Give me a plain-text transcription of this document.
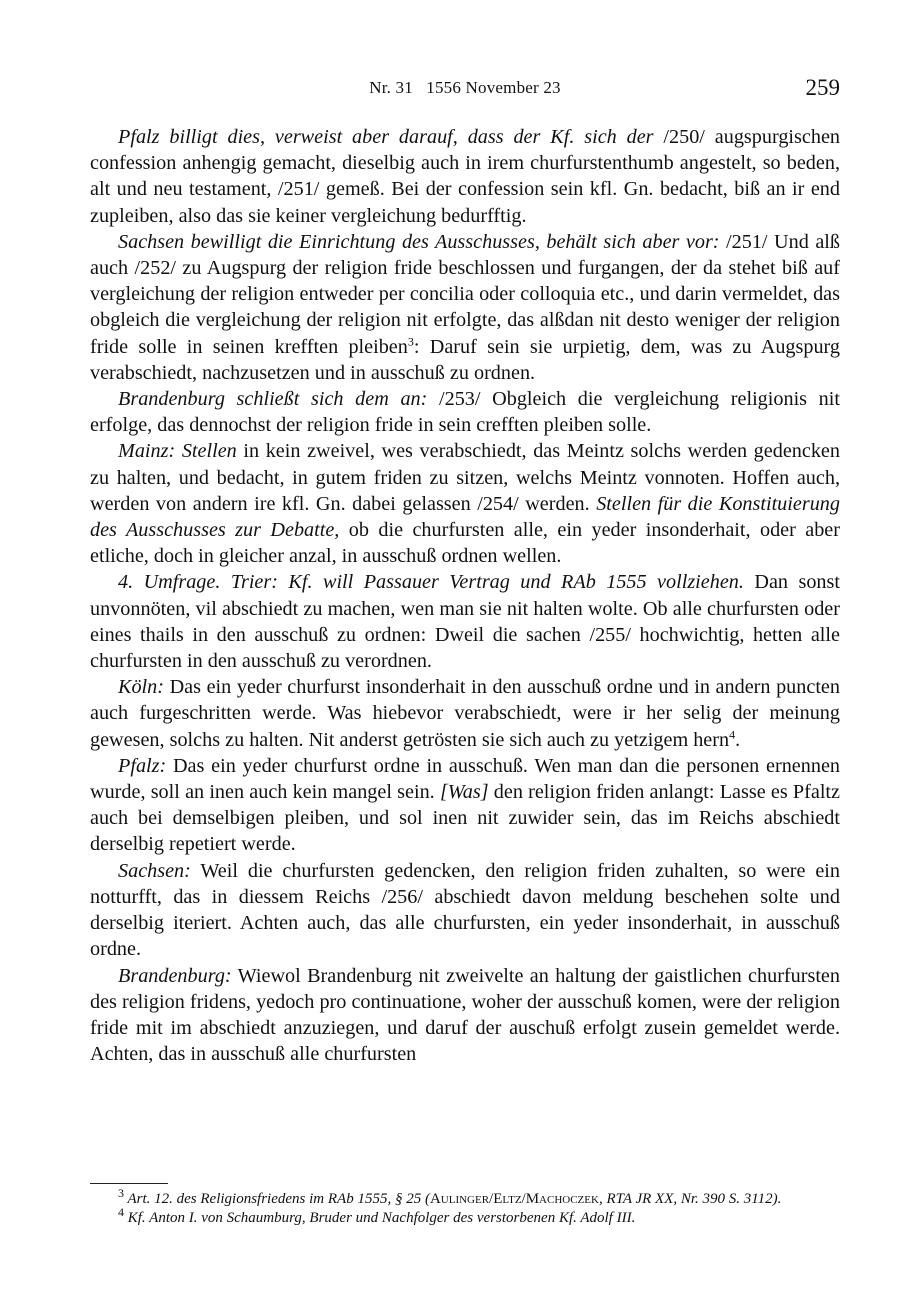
Nr. 31   1556 November 23	259

Pfalz billigt dies, verweist aber darauf, dass der Kf. sich der /250/ augspurgischen confession anhengig gemacht, dieselbig auch in irem churfurstenthumb angestelt, so beden, alt und neu testament, /251/ gemeß. Bei der confession sein kfl. Gn. bedacht, biß an ir end zupleiben, also das sie keiner vergleichung bedurfftig.

Sachsen bewilligt die Einrichtung des Ausschusses, behält sich aber vor: /251/ Und alß auch /252/ zu Augspurg der religion fride beschlossen und furgangen, der da stehet biß auf vergleichung der religion entweder per concilia oder colloquia etc., und darin vermeldet, das obgleich die vergleichung der religion nit erfolgte, das alßdan nit desto weniger der religion fride solle in seinen krefften pleiben$^3$: Daruf sein sie urpietig, dem, was zu Augspurg verabschiedt, nachzusetzen und in ausschuß zu ordnen.

Brandenburg schließt sich dem an: /253/ Obgleich die vergleichung religionis nit erfolge, das dennochst der religion fride in sein crefften pleiben solle.

Mainz: Stellen in kein zweivel, wes verabschiedt, das Meintz solchs werden gedencken zu halten, und bedacht, in gutem friden zu sitzen, welchs Meintz vonnoten. Hoffen auch, werden von andern ire kfl. Gn. dabei gelassen /254/ werden. Stellen für die Konstituierung des Ausschusses zur Debatte, ob die churfursten alle, ein yeder insonderhait, oder aber etliche, doch in gleicher anzal, in ausschuß ordnen wellen.

4. Umfrage. Trier: Kf. will Passauer Vertrag und RAb 1555 vollziehen. Dan sonst unvonnöten, vil abschiedt zu machen, wen man sie nit halten wolte. Ob alle churfursten oder eines thails in den ausschuß zu ordnen: Dweil die sachen /255/ hochwichtig, hetten alle churfursten in den ausschuß zu verordnen.

Köln: Das ein yeder churfurst insonderhait in den ausschuß ordne und in andern puncten auch furgeschritten werde. Was hiebevor verabschiedt, were ir her selig der meinung gewesen, solchs zu halten. Nit anderst getrösten sie sich auch zu yetzigem hern$^4$.

Pfalz: Das ein yeder churfurst ordne in ausschuß. Wen man dan die personen ernennen wurde, soll an inen auch kein mangel sein. [Was] den religion friden anlangt: Lasse es Pfaltz auch bei demselbigen pleiben, und sol inen nit zuwider sein, das im Reichs abschiedt derselbig repetiert werde.

Sachsen: Weil die churfursten gedencken, den religion friden zuhalten, so were ein notturfft, das in diessem Reichs /256/ abschiedt davon meldung beschehen solte und derselbig iteriert. Achten auch, das alle churfursten, ein yeder insonderhait, in ausschuß ordne.

Brandenburg: Wiewol Brandenburg nit zweivelte an haltung der gaistlichen churfursten des religion fridens, yedoch pro continuatione, woher der ausschuß komen, were der religion fride mit im abschiedt anzuziegen, und daruf der auschuß erfolgt zusein gemeldet werde. Achten, das in ausschuß alle churfursten

$^3$ Art. 12. des Religionsfriedens im RAb 1555, § 25 (Aulinger/Eltz/Machoczek, RTA JR XX, Nr. 390 S. 3112).

$^4$ Kf. Anton I. von Schaumburg, Bruder und Nachfolger des verstorbenen Kf. Adolf III.
